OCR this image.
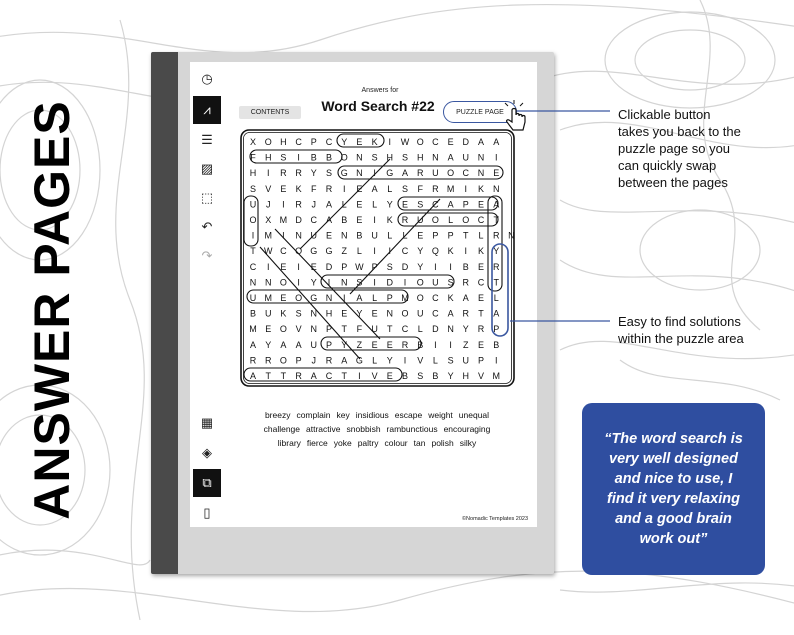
ANSWER PAGES
◷
⩘
☰
▨
⬚
↶
↷
▦
◈
⧉
▯
Answers for
Word Search #22
CONTENTS	PUZZLE PAGE
X O H C P C Y E K I W O C E D A A
F H S I B B O N S H S H N A U N I
H I R R Y S G N I G A R U O C N E
S V E K F R I E A L S F R M I K N
U J I R J A L E L Y E S C A P E A
O X M D C A B E I K R U O L O C T
I M I N U E N B U L L E P P T L R N
T W C O G G Z L I I C Y Q K I K Y
C I E I E D P W P S D Y I I B E R
N N O I Y I N S I D I O U S R C T
U M E O G N I A L P M O C K A E L
B U K S N H E Y E N O U C A R T A
M E O V N P T F U T C L D N Y R P
A Y A A U P Y Z E E R B I I Z E B
R R O P J R A G L Y I V L S U P I
A T T R A C T I V E B S B Y H V M
breezy complain key insidious escape weight unequal
challenge attractive snobbish rambunctious encouraging
library fierce yoke paltry colour tan polish silky
©Nomadic Templates 2023
Clickable button
takes you back to the
puzzle page so you
can quickly swap
between the pages
Easy to find solutions
within the puzzle area
“The word search is
very well designed
and nice to use, I
find it very relaxing
and a good brain
work out”
